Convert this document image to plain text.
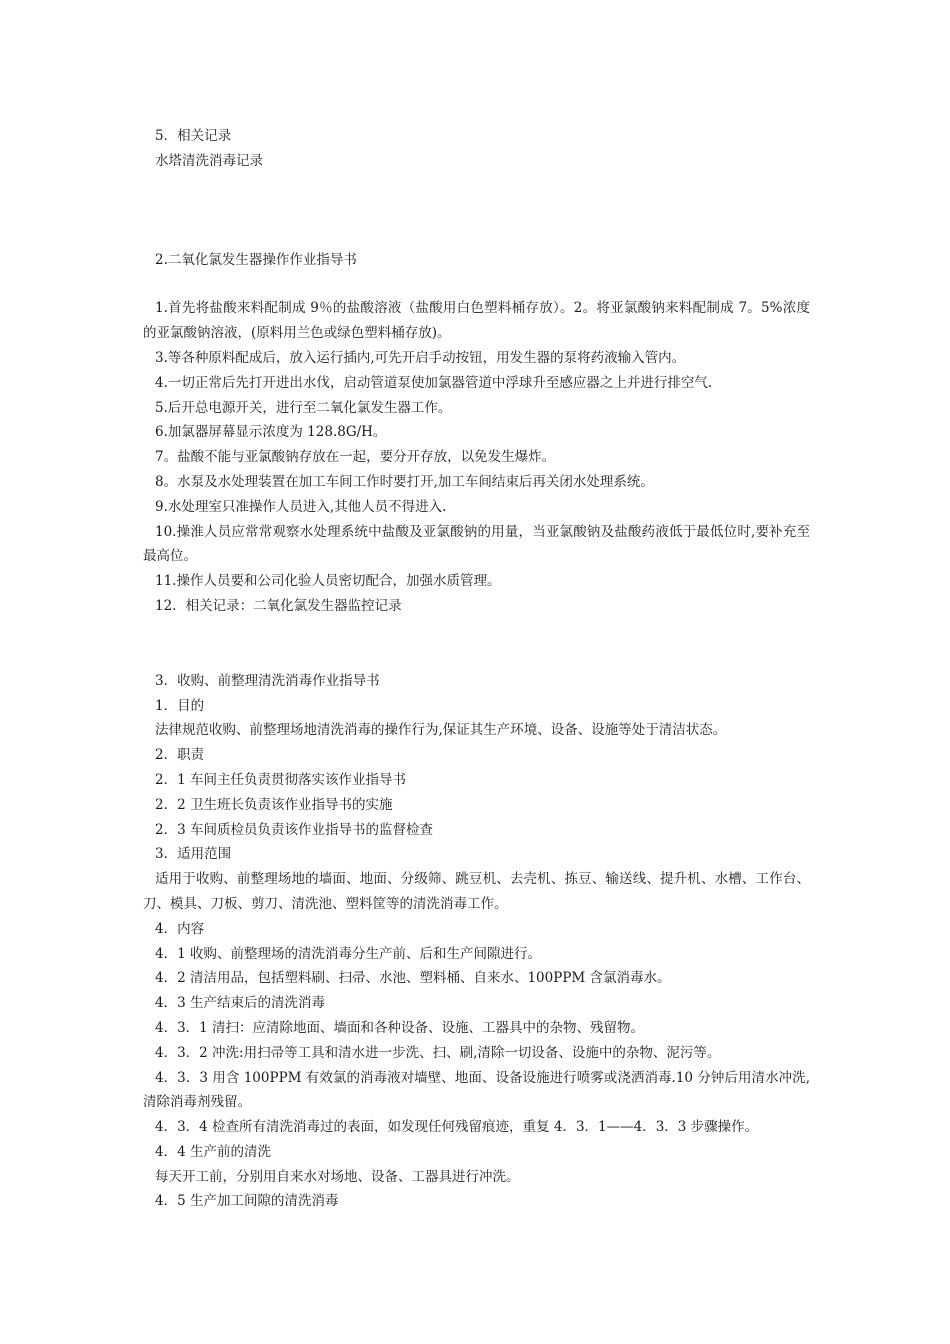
5．相关记录
水塔清洗消毒记录
2.二氧化氯发生器操作作业指导书
1.首先将盐酸来料配制成 9％的盐酸溶液（盐酸用白色塑料桶存放）。2。将亚氯酸钠来料配制成 7。5%浓度的亚氯酸钠溶液，(原料用兰色或绿色塑料桶存放)。
3.等各种原料配成后，放入运行插内,可先开启手动按钮，用发生器的泵将药液输入管内。
4.一切正常后先打开进出水伐，启动管道泵使加氯器管道中浮球升至感应器之上并进行排空气.
5.后开总电源开关，进行至二氧化氯发生器工作。
6.加氯器屏幕显示浓度为 128.8G/H。
7。盐酸不能与亚氯酸钠存放在一起，要分开存放，以免发生爆炸。
8。水泵及水处理装置在加工车间工作时要打开,加工车间结束后再关闭水处理系统。
9.水处理室只准操作人员进入,其他人员不得进入.
10.操淮人员应常常观察水处理系统中盐酸及亚氯酸钠的用量，当亚氯酸钠及盐酸药液低于最低位时,要补充至最高位。
11.操作人员要和公司化验人员密切配合，加强水质管理。
12．相关记录：二氧化氯发生器监控记录
3．收购、前整理清洗消毒作业指导书
1．目的
法律规范收购、前整理场地清洗消毒的操作行为,保证其生产环境、设备、设施等处于清洁状态。
2．职责
2．1 车间主任负责贯彻落实该作业指导书
2．2 卫生班长负责该作业指导书的实施
2．3 车间质检员负责该作业指导书的监督检查
3．适用范围
适用于收购、前整理场地的墙面、地面、分级筛、跳豆机、去壳机、拣豆、输送线、提升机、水槽、工作台、刀、模具、刀板、剪刀、清洗池、塑料筐等的清洗消毒工作。
4．内容
4．1 收购、前整理场的清洗消毒分生产前、后和生产间隙进行。
4．2 清洁用品，包括塑料刷、扫帚、水池、塑料桶、自来水、100PPM 含氯消毒水。
4．3 生产结束后的清洗消毒
4．3．1 清扫：应清除地面、墙面和各种设备、设施、工器具中的杂物、残留物。
4．3．2 冲洗:用扫帚等工具和清水进一步洗、扫、刷,清除一切设备、设施中的杂物、泥污等。
4．3．3 用含 100PPM 有效氯的消毒液对墙壁、地面、设备设施进行喷雾或浇洒消毒.10 分钟后用清水冲洗,清除消毒剂残留。
4．3．4 检查所有清洗消毒过的表面，如发现任何残留痕迹，重复 4．3．1——4．3．3 步骤操作。
4．4 生产前的清洗
每天开工前，分别用自来水对场地、设备、工器具进行冲洗。
4．5 生产加工间隙的清洗消毒
